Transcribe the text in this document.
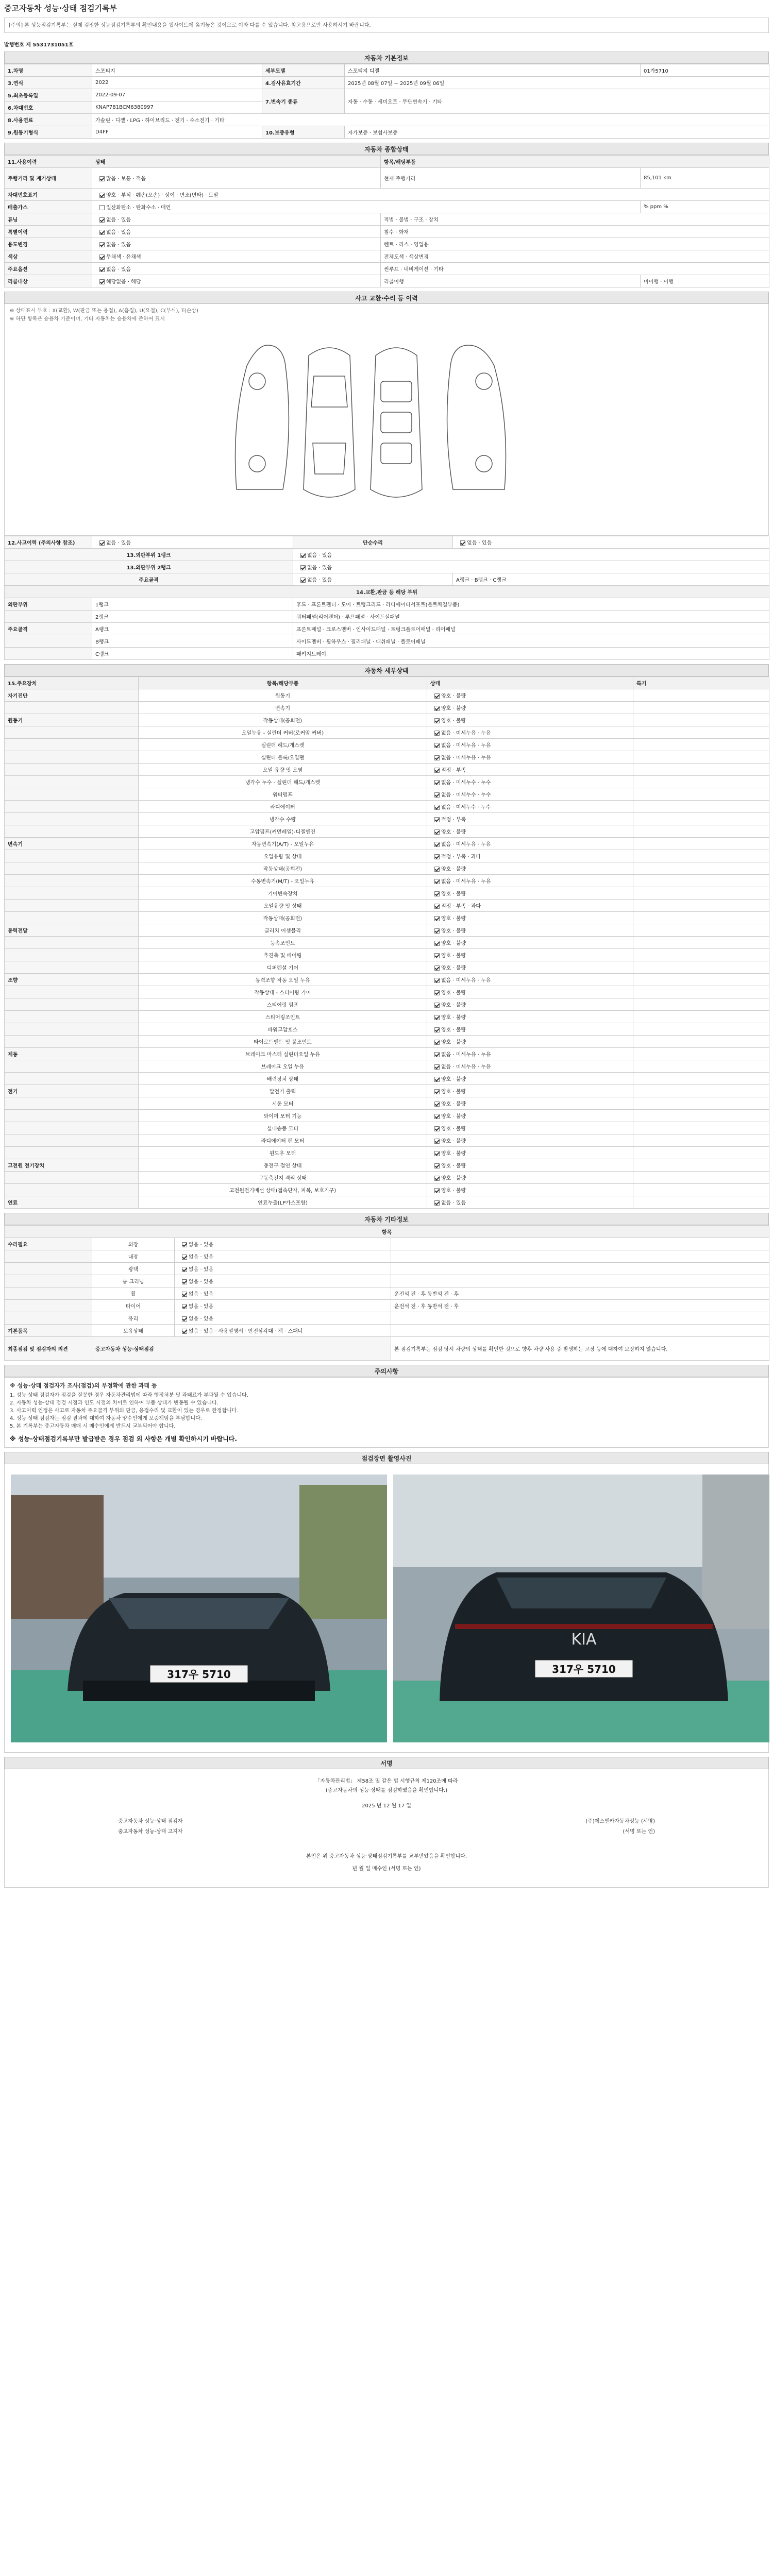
중고자동차 성능·상태 점검기록부
[주의] 본 성능점검기록부는 실제 검정한 성능점검기록부의 확인내용을 웹사이트에 옮겨놓은 것이므로 이와 다를 수 있습니다. 참고용으로만 사용하시기 바랍니다.
발행번호 제 5531731051호
자동차 기본정보
1.차명	스포티지	세부모델	스포티지 디젤	01가5710
3.연식	2022	4.검사유효기간	2025년 08월 07일 ~ 2025년 09월 06일	
5.최초등록일	2022-09-07	7.변속기 종류	자동 · 수동 · 세미오토 · 무단변속기 · 기타	
6.차대번호	KNAP781BCM6380997			
8.사용연료	가솔린 · 디젤 · LPG · 하이브리드 · 전기 · 수소전기 · 기타			
9.원동기형식	D4FF	10.보증유형	자가보증 · 보험사보증	
자동차 종합상태
11.사용이력	상태	항목/해당부품	
주행거리 및 계기상태	많음 · 보통 · 적음	현재 주행거리	85,101 km
차대번호표기	양호 · 부식 · 훼손(오손) · 상이 · 변조(변타) · 도말		
배출가스	일산화탄소 · 탄화수소 · 매연		% ppm %
튜닝	없음 · 있음	적법 · 불법 · 구조 · 장치	
특별이력	없음 · 있음	침수 · 화재	
용도변경	없음 · 있음	렌트 · 리스 · 영업용	
색상	무채색 · 유채색	전체도색 · 색상변경	
주요옵션	없음 · 있음	썬루프 · 네비게이션 · 기타	
리콜대상	해당없음 · 해당	리콜이행	미이행 · 이행
사고 교환·수리 등 이력
※ 상태표시 부호 : X(교환), W(판금 또는 용접), A(흠집), U(요철), C(부식), T(손상)
※ 하단 항목은 승용차 기준이며, 기타 자동차는 승용차에 준하여 표시
12.사고이력 (주의사항 참조)	없음 · 있음	단순수리	없음 · 있음
13.외판부위 1랭크		없음 · 있음	
13.외판부위 2랭크		없음 · 있음	
주요골격		없음 · 있음	A랭크 · B랭크 · C랭크
14.교환,판금 등 해당 부위			
외판부위	1랭크	후드 · 프론트펜더 · 도어 · 트렁크리드 · 라디에이터서포트(볼트체결부품)	
	2랭크	쿼터패널(리어펜더) · 루프패널 · 사이드실패널	
주요골격	A랭크	프론트패널 · 크로스멤버 · 인사이드패널 · 트렁크플로어패널 · 리어패널	
	B랭크	사이드멤버 · 휠하우스 · 필러패널 · 대쉬패널 · 플로어패널	
	C랭크	패키지트레이	
자동차 세부상태
15.주요장치	항목/해당부품	상태	특기
자기진단	원동기	양호 · 불량	
	변속기	양호 · 불량	
원동기	작동상태(공회전)	양호 · 불량	
	오일누유 - 실린더 커버(로커암 커버)	없음 · 미세누유 · 누유	
	실린더 헤드/개스켓	없음 · 미세누유 · 누유	
	실린더 블록/오일팬	없음 · 미세누유 · 누유	
	오일 유량 및 오염	적정 · 부족	
	냉각수 누수 - 실린더 헤드/개스켓	없음 · 미세누수 · 누수	
	워터펌프	없음 · 미세누수 · 누수	
	라디에이터	없음 · 미세누수 · 누수	
	냉각수 수량	적정 · 부족	
	고압펌프(커먼레일)-디젤엔진	양호 · 불량	
변속기	자동변속기(A/T) - 오일누유	없음 · 미세누유 · 누유	
	오일유량 및 상태	적정 · 부족 · 과다	
	작동상태(공회전)	양호 · 불량	
	수동변속기(M/T) - 오일누유	없음 · 미세누유 · 누유	
	기어변속장치	양호 · 불량	
	오일유량 및 상태	적정 · 부족 · 과다	
	작동상태(공회전)	양호 · 불량	
동력전달	클러치 어셈블리	양호 · 불량	
	등속조인트	양호 · 불량	
	추진축 및 베어링	양호 · 불량	
	디퍼렌셜 기어	양호 · 불량	
조향	동력조향 작동 오일 누유	없음 · 미세누유 · 누유	
	작동상태 - 스티어링 기어	양호 · 불량	
	스티어링 펌프	양호 · 불량	
	스티어링조인트	양호 · 불량	
	파워고압호스	양호 · 불량	
	타이로드엔드 및 볼조인트	양호 · 불량	
제동	브레이크 마스터 실린더오일 누유	없음 · 미세누유 · 누유	
	브레이크 오일 누유	없음 · 미세누유 · 누유	
	배력장치 상태	양호 · 불량	
전기	발전기 출력	양호 · 불량	
	시동 모터	양호 · 불량	
	와이퍼 모터 기능	양호 · 불량	
	실내송풍 모터	양호 · 불량	
	라디에이터 팬 모터	양호 · 불량	
	윈도우 모터	양호 · 불량	
고전원 전기장치	충전구 절연 상태	양호 · 불량	
	구동축전지 격리 상태	양호 · 불량	
	고전원전기배선 상태(접속단자, 피복, 보호기구)	양호 · 불량	
연료	연료누출(LP가스포함)	없음 · 있음	
자동차 기타정보
항목			
수리필요	외장	없음 · 있음	
	내장	없음 · 있음	
	광택	없음 · 있음	
	룸 크리닝	없음 · 있음	
	휠	없음 · 있음	운전석 전 · 후 동반석 전 · 후
	타이어	없음 · 있음	운전석 전 · 후 동반석 전 · 후
	유리	없음 · 있음	
기본품목	보유상태	없음 · 있음 · 사용설명서 · 안전삼각대 · 잭 · 스패너	
최종점검 및 점검자의 의견	중고자동차 성능·상태점검		본 점검기록부는 점검 당시 차량의 상태를 확인한 것으로 향후 차량 사용 중 발생하는 고장 등에 대하여 보장하지 않습니다.
주의사항
※ 성능·상태 점검자가 조사(점검)의 부정확에 관한 과태 등

1. 성능·상태 점검자가 점검을 잘못한 경우 자동차관리법에 따라 행정처분 및 과태료가 부과될 수 있습니다.

2. 자동차 성능·상태 점검 시점과 인도 시점의 차이로 인하여 부품 상태가 변동될 수 있습니다.

3. 사고이력 인정은 사고로 자동차 주요골격 부위의 판금, 용접수리 및 교환이 있는 경우로 한정합니다.

4. 성능·상태 점검자는 점검 결과에 대하여 자동차 양수인에게 보증책임을 부담합니다.

5. 본 기록부는 중고자동차 매매 시 매수인에게 반드시 교부되어야 합니다.

※ 성능·상태점검기록부만 발급받은 경우 점검 외 사항은 개별 확인하시기 바랍니다.
점검장면 촬영사진
317우 5710
KIA
317우 5710
서명
「자동차관리법」 제58조 및 같은 법 시행규칙 제120조에 따라
(중고자동차의 성능·상태를 점검하였음을 확인합니다.)
2025 년 12 월 17 일
중고자동차 성능·상태 점검자	(주)에스엔카자동차성능 (서명)
중고자동차 성능·상태 고지자	(서명 또는 인)
본인은 위 중고자동차 성능·상태점검기록부를 교부받았음을 확인합니다.
년 월 일 매수인 (서명 또는 인)
